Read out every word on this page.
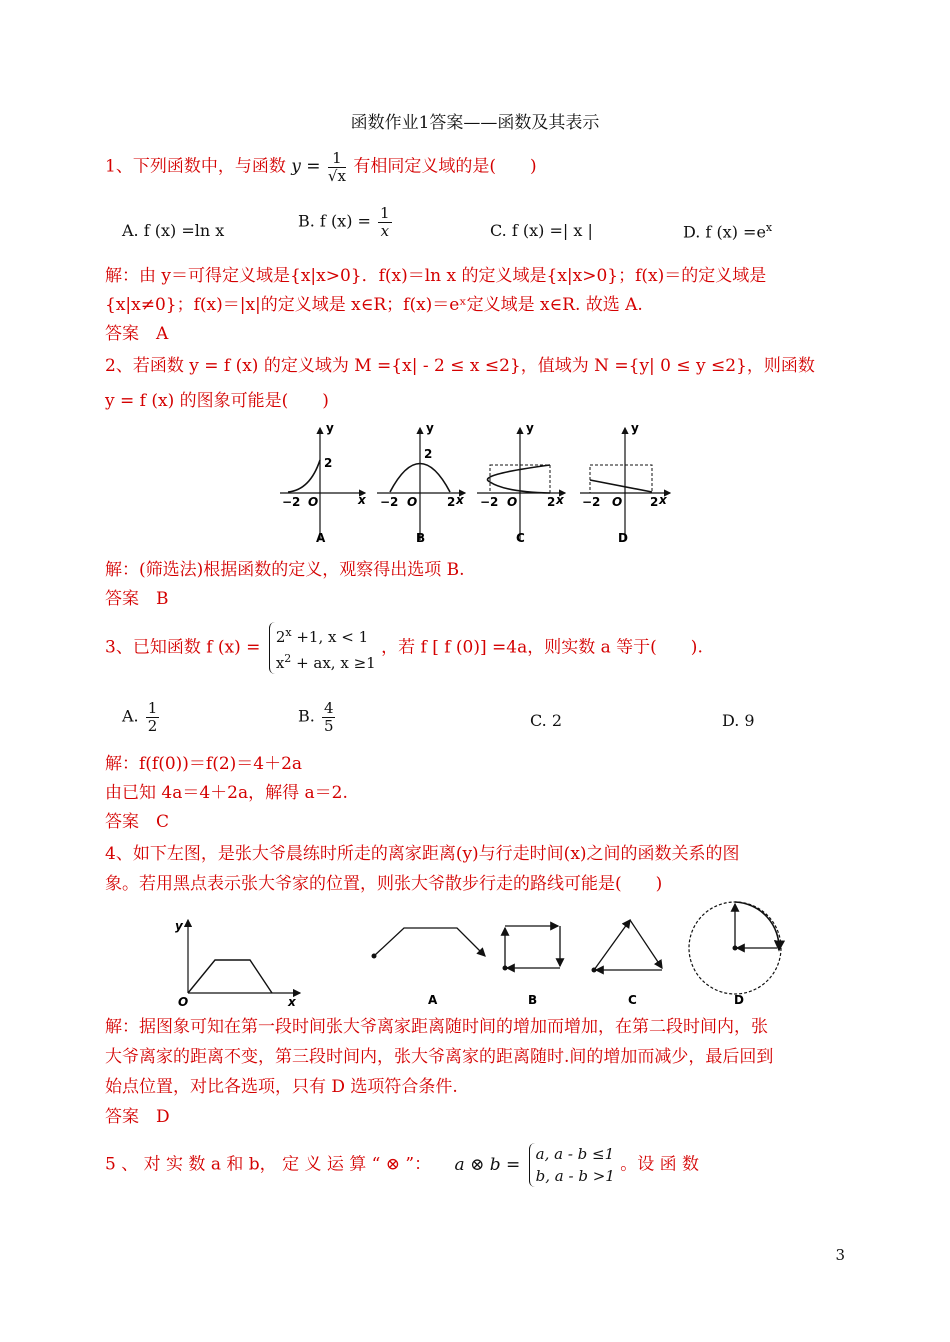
函数作业1答案——函数及其表示
1、下列函数中，与函数 $y = \frac{1}{√x}$ 有相同定义域的是(　　)
A. f (x) =ln x	B. f $(x) = \frac{1}{x}$	C. f (x) =| x |	D. f $(x) =e^x$
解：由 y＝可得定义域是{x|x>0}．f(x)＝ln x 的定义域是{x|x>0}；f(x)＝的定义域是
{x|x≠0}；f(x)＝|x|的定义域是 x∈R；f(x)＝eˣ定义域是 x∈R. 故选 A.
答案　A
2、若函数 y = f (x) 的定义域为 M ={x| - 2 ≤ x ≤2}，值域为 N ={y| 0 ≤ y ≤2}，则函数
y = f (x) 的图象可能是(　　)
y
x
2
−2 O
A
y
2
−2 O 2 x
B
y
−2 O 2 x
C
y
−2 O 2 x
D
解：(筛选法)根据函数的定义，观察得出选项 B.
答案　B
3、已知函数 f (x) =
$2^x +1$, x < 1
$x^2$ + ax, x ≥1
，若 f [ f (0)] =4a，则实数 a 等于(　　).
A. $\frac{1}{2}$	B. $\frac{4}{5}$	C. 2	D. 9
解：f(f(0))＝f(2)＝4＋2a
由已知 4a＝4＋2a，解得 a＝2.
答案　C
4、如下左图，是张大爷晨练时所走的离家距离(y)与行走时间(x)之间的函数关系的图
象。若用黑点表示张大爷家的位置，则张大爷散步行走的路线可能是(　　)
y
O	x	A	B	C	D
解：据图象可知在第一段时间张大爷离家距离随时间的增加而增加，在第二段时间内，张
大爷离家的距离不变，第三段时间内，张大爷离家的距离随时.间的增加而减少，最后回到
始点位置，对比各选项，只有 D 选项符合条件.
答案　D
5 、 对 实 数 a 和 b， 定 义 运 算 “ ⊗ ”： a ⊗ b =
a, a - b ≤1
b, a - b >1
。设 函 数
3
